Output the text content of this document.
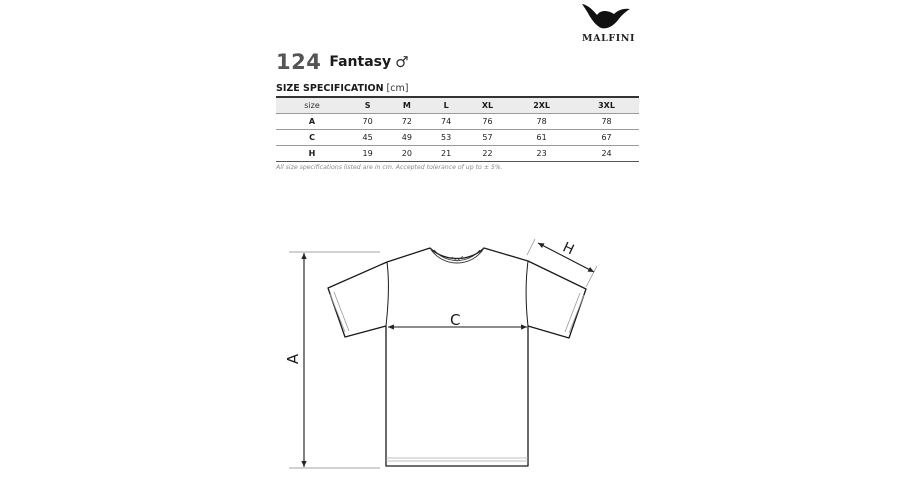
MALFINI
124 Fantasy ♂
SIZE SPECIFICATION [cm]
size	S	M	L	XL	2XL	3XL
A	70	72	74	76	78	78
C	45	49	53	57	61	67
H	19	20	21	22	23	24
All size specifications listed are in cm. Accepted tolerance of up to ± 5%.
A
C
H
